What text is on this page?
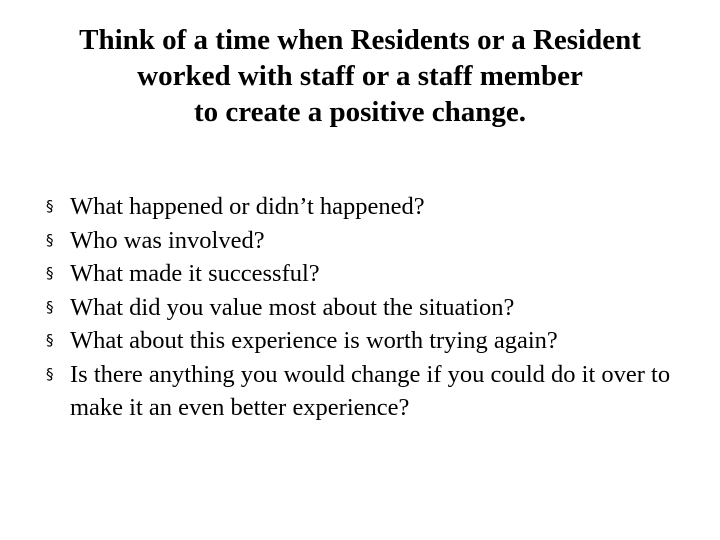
Think of a time when Residents or a Resident
worked with staff or a staff member
to create a positive change.
§ What happened or didn’t happened?
§ Who was involved?
§ What made it successful?
§ What did you value most about the situation?
§ What about this experience is worth trying again?
§ Is there anything you would change if you could do it over to make it an even better experience?
